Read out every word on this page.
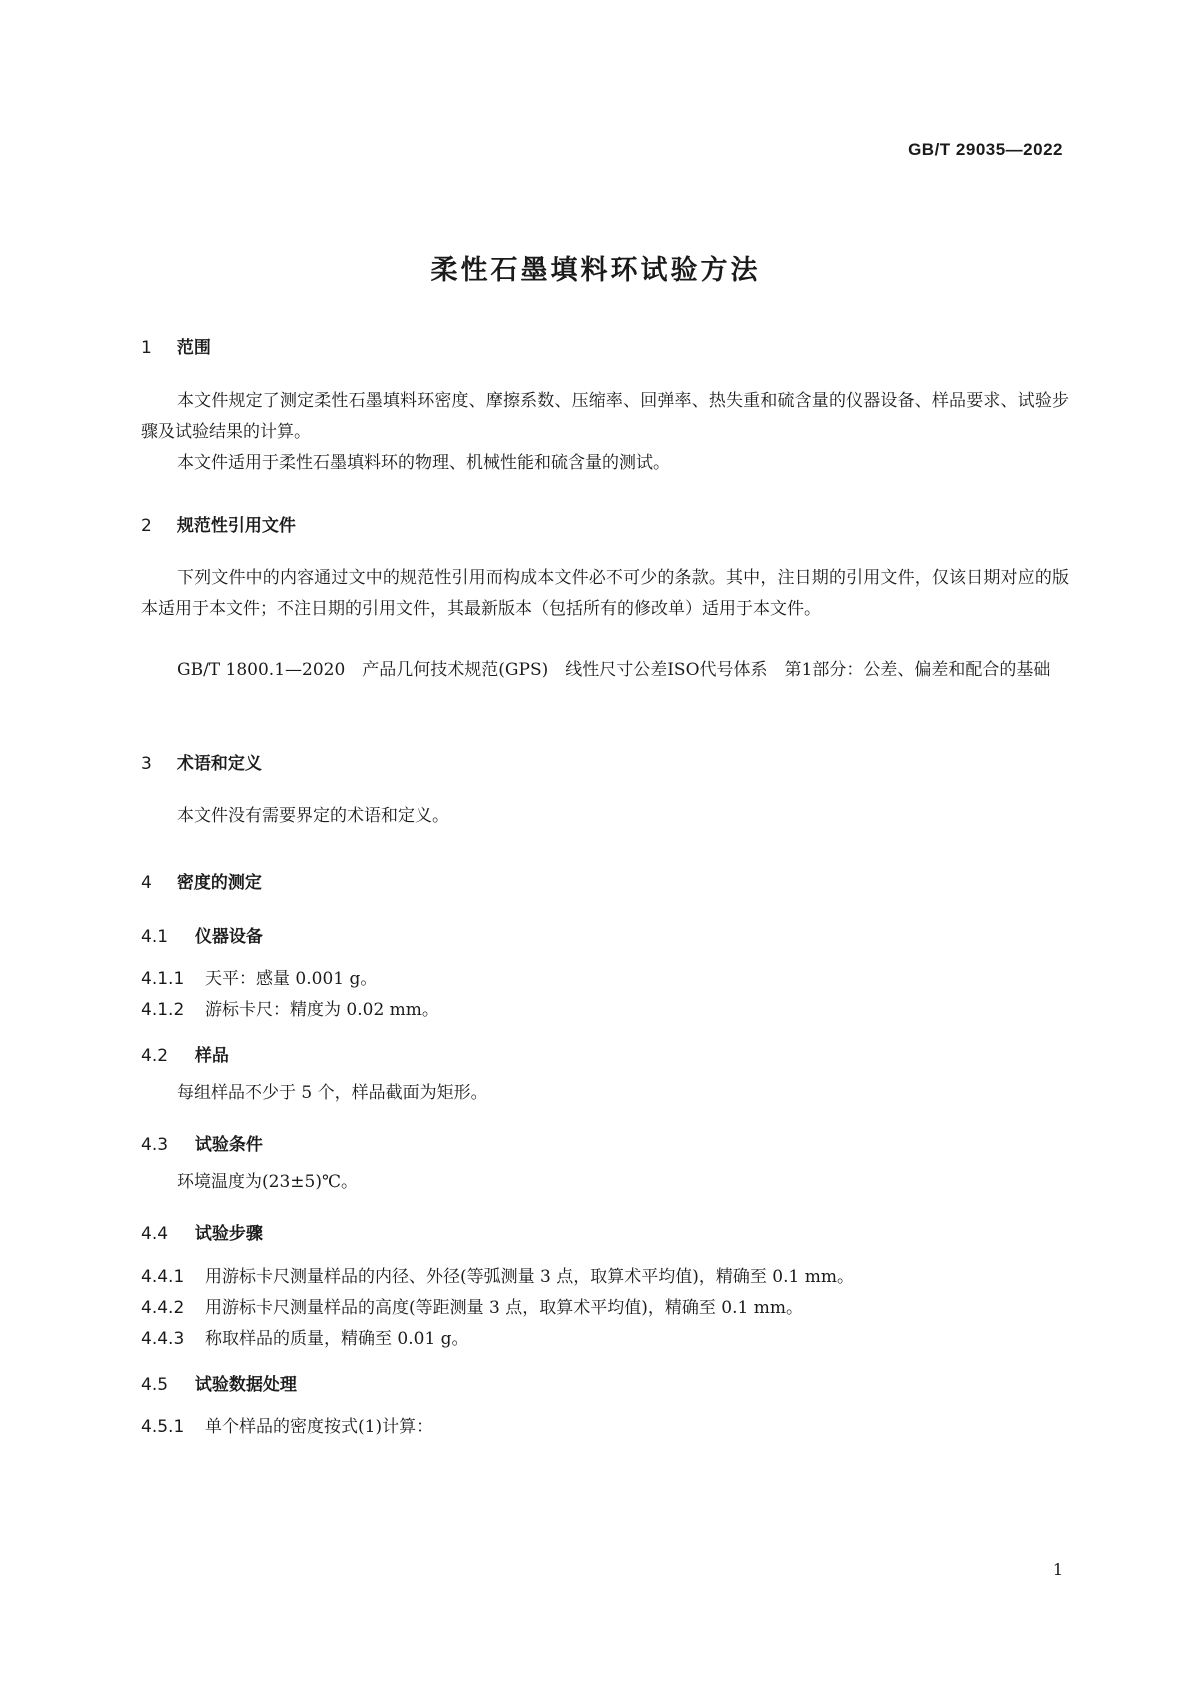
GB/T 29035—2022
柔性石墨填料环试验方法
1 范围
本文件规定了测定柔性石墨填料环密度、摩擦系数、压缩率、回弹率、热失重和硫含量的仪器设备、样品要求、试验步骤及试验结果的计算。
本文件适用于柔性石墨填料环的物理、机械性能和硫含量的测试。
2 规范性引用文件
下列文件中的内容通过文中的规范性引用而构成本文件必不可少的条款。其中，注日期的引用文件，仅该日期对应的版本适用于本文件；不注日期的引用文件，其最新版本（包括所有的修改单）适用于本文件。
GB/T 1800.1—2020　产品几何技术规范(GPS)　线性尺寸公差ISO代号体系　第1部分：公差、偏差和配合的基础
3 术语和定义
本文件没有需要界定的术语和定义。
4 密度的测定
4.1 仪器设备
4.1.1 天平：感量 0.001 g。
4.1.2 游标卡尺：精度为 0.02 mm。
4.2 样品
每组样品不少于 5 个，样品截面为矩形。
4.3 试验条件
环境温度为(23±5)℃。
4.4 试验步骤
4.4.1 用游标卡尺测量样品的内径、外径(等弧测量 3 点，取算术平均值)，精确至 0.1 mm。
4.4.2 用游标卡尺测量样品的高度(等距测量 3 点，取算术平均值)，精确至 0.1 mm。
4.4.3 称取样品的质量，精确至 0.01 g。
4.5 试验数据处理
4.5.1 单个样品的密度按式(1)计算：
1
